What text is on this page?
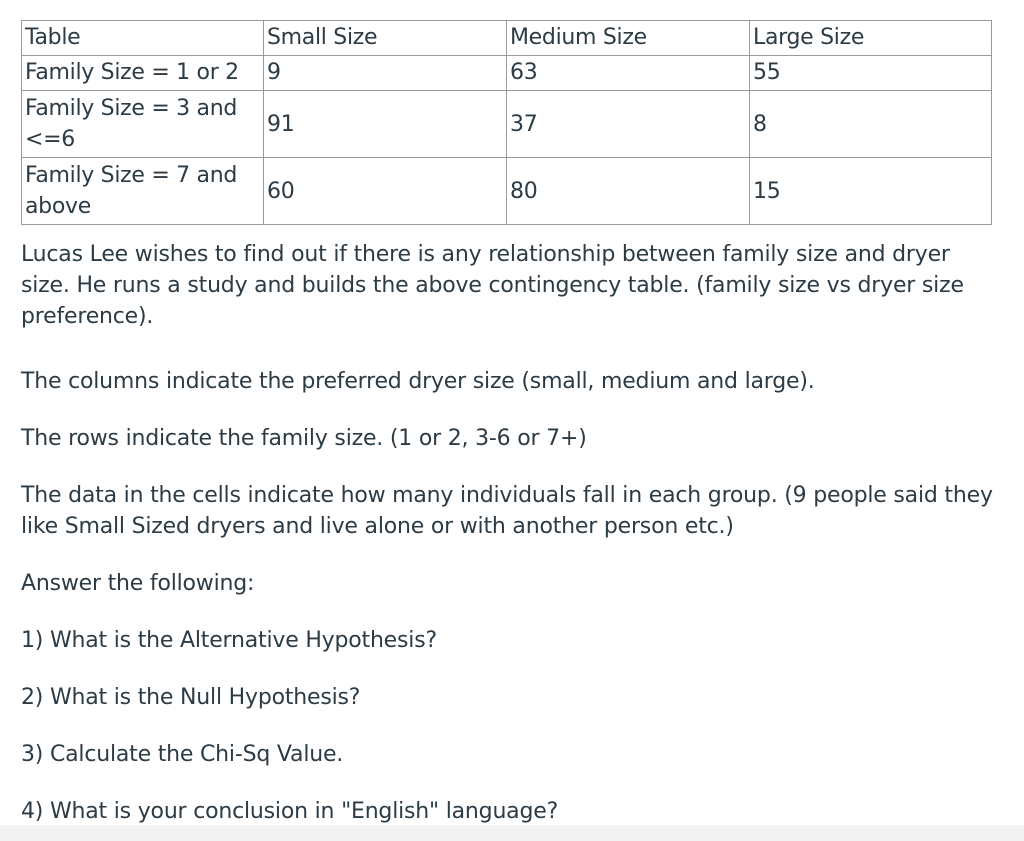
Table	Small Size	Medium Size	Large Size
Family Size = 1 or 2	9	63	55
Family Size = 3 and <=6	91	37	8
Family Size = 7 and above	60	80	15

Lucas Lee wishes to find out if there is any relationship between family size and dryer size. He runs a study and builds the above contingency table. (family size vs dryer size preference).

The columns indicate the preferred dryer size (small, medium and large).

The rows indicate the family size. (1 or 2, 3-6 or 7+)

The data in the cells indicate how many individuals fall in each group. (9 people said they like Small Sized dryers and live alone or with another person etc.)

Answer the following:

1) What is the Alternative Hypothesis?

2) What is the Null Hypothesis?

3) Calculate the Chi-Sq Value.

4) What is your conclusion in "English" language?
